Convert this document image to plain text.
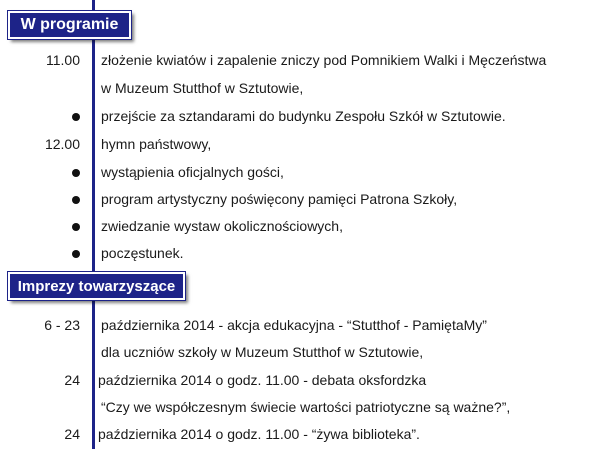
W programie
11.00 złożenie kwiatów i zapalenie zniczy pod Pomnikiem Walki i Męczeństwa
w Muzeum Stutthof w Sztutowie,
przejście za sztandarami do budynku Zespołu Szkół w Sztutowie.
12.00 hymn państwowy,
wystąpienia oficjalnych gości,
program artystyczny poświęcony pamięci Patrona Szkoły,
zwiedzanie wystaw okolicznościowych,
poczęstunek.
Imprezy towarzyszące
6 - 23 października 2014 - akcja edukacyjna - “Stutthof - PamiętaMy”
dla uczniów szkoły w Muzeum Stutthof w Sztutowie,
24 października 2014 o godz. 11.00 - debata oksfordzka
“Czy we współczesnym świecie wartości patriotyczne są ważne?”,
24 października 2014 o godz. 11.00 - “żywa biblioteka”.
